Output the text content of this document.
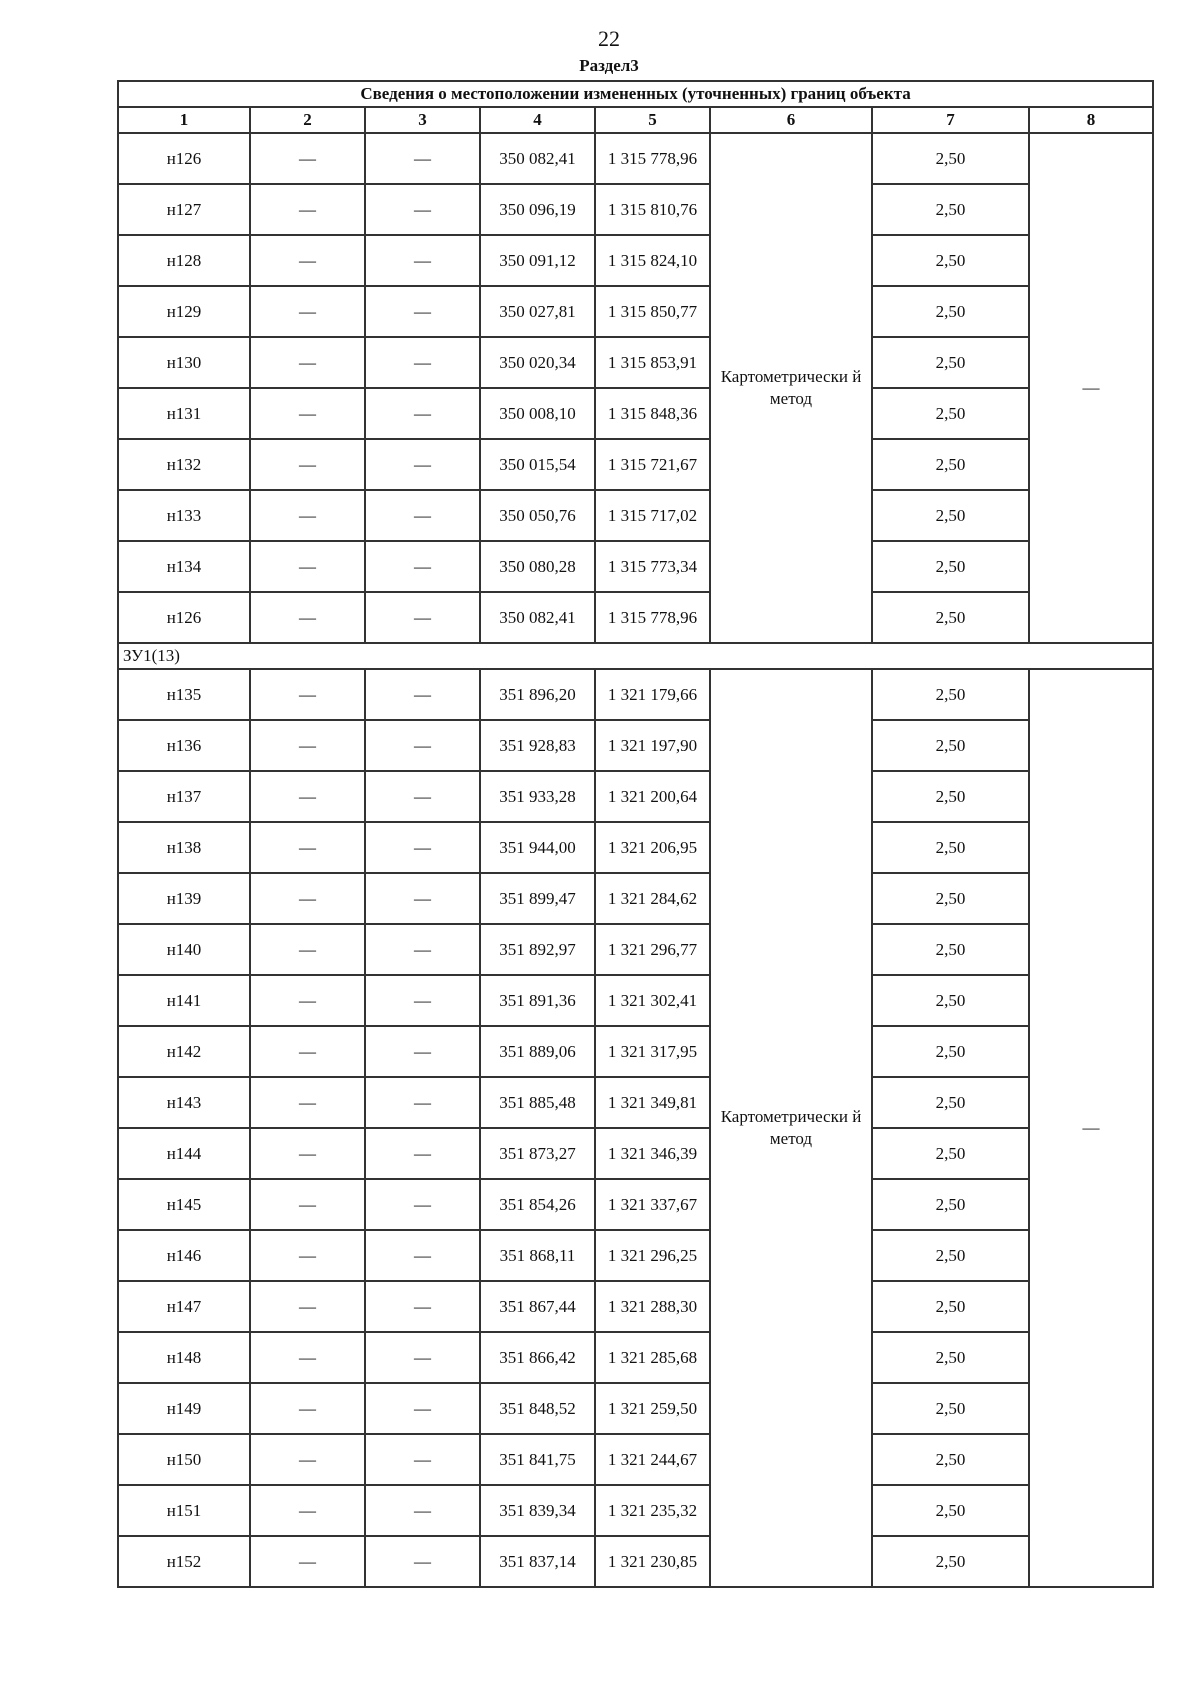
22
Раздел3
Сведения о местоположении измененных (уточненных) границ объекта							
1	2	3	4	5	6	7	8
н126	—	—	350 082,41	1 315 778,96	Картометрически й метод	2,50	—
н127	—	—	350 096,19	1 315 810,76		2,50	
н128	—	—	350 091,12	1 315 824,10		2,50	
н129	—	—	350 027,81	1 315 850,77		2,50	
н130	—	—	350 020,34	1 315 853,91		2,50	
н131	—	—	350 008,10	1 315 848,36		2,50	
н132	—	—	350 015,54	1 315 721,67		2,50	
н133	—	—	350 050,76	1 315 717,02		2,50	
н134	—	—	350 080,28	1 315 773,34		2,50	
н126	—	—	350 082,41	1 315 778,96		2,50	
ЗУ1(13)							
н135	—	—	351 896,20	1 321 179,66	Картометрически й метод	2,50	—
н136	—	—	351 928,83	1 321 197,90		2,50	
н137	—	—	351 933,28	1 321 200,64		2,50	
н138	—	—	351 944,00	1 321 206,95		2,50	
н139	—	—	351 899,47	1 321 284,62		2,50	
н140	—	—	351 892,97	1 321 296,77		2,50	
н141	—	—	351 891,36	1 321 302,41		2,50	
н142	—	—	351 889,06	1 321 317,95		2,50	
н143	—	—	351 885,48	1 321 349,81		2,50	
н144	—	—	351 873,27	1 321 346,39		2,50	
н145	—	—	351 854,26	1 321 337,67		2,50	
н146	—	—	351 868,11	1 321 296,25		2,50	
н147	—	—	351 867,44	1 321 288,30		2,50	
н148	—	—	351 866,42	1 321 285,68		2,50	
н149	—	—	351 848,52	1 321 259,50		2,50	
н150	—	—	351 841,75	1 321 244,67		2,50	
н151	—	—	351 839,34	1 321 235,32		2,50	
н152	—	—	351 837,14	1 321 230,85		2,50	
